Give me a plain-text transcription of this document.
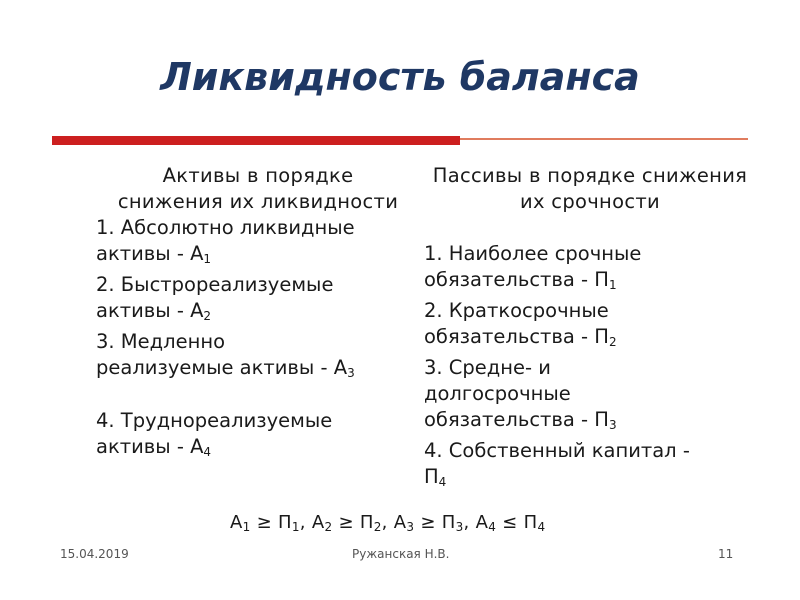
Ликвидность баланса
Активы в порядке снижения их ликвидности
1. Абсолютно ликвидные
активы - $А_1$
2. Быстрореализуемые
активы - $А_2$
3. Медленно
реализуемые активы - $А_3$
4. Труднореализуемые
активы - $А_4$
Пассивы в порядке снижения их срочности
1. Наиболее срочные
обязательства - $П_1$
2. Краткосрочные
обязательства - $П_2$
3. Средне- и
долгосрочные
обязательства - $П_3$
4. Собственный капитал -
$П_4$
$А_1 \ge П_1$, $А_2 \ge П_2$, $А_3 \ge П_3$, $А_4 \le П_4$
15.04.2019	Ружанская Н.В.	11
